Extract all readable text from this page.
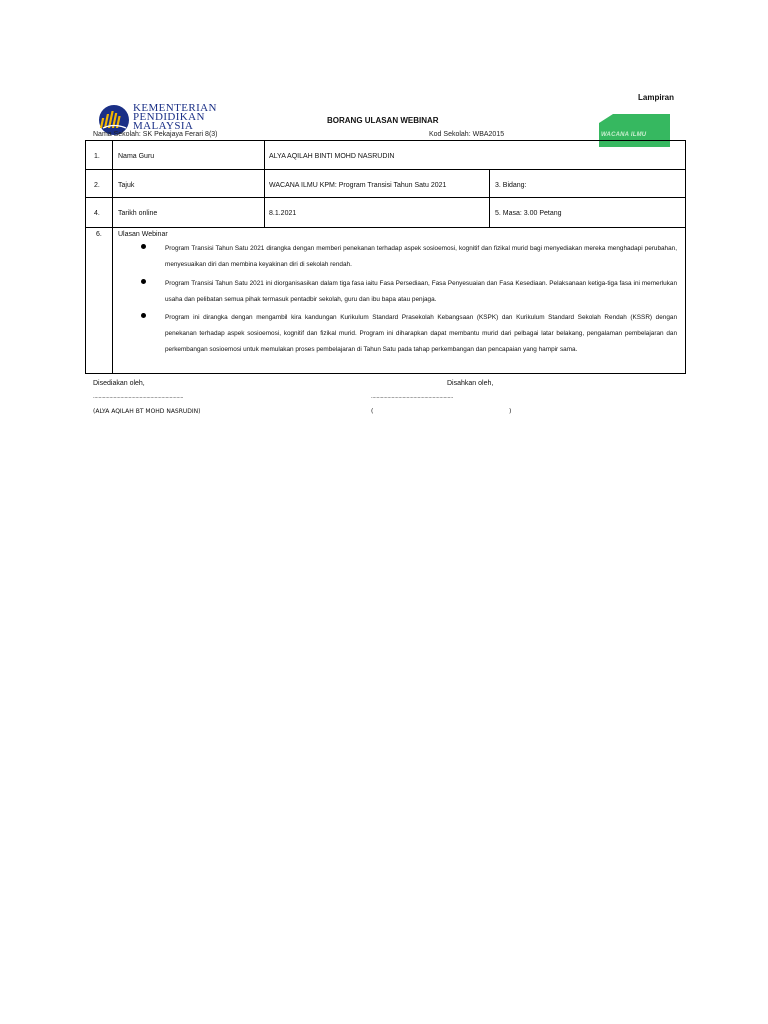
Lampiran
KEMENTERIAN
PENDIDIKAN
MALAYSIA	BORANG ULASAN WEBINAR
WACANA ILMU
Nama Sekolah: SK Pekajaya Ferari 8(3)	Kod Sekolah: WBA2015
1.	Nama Guru	ALYA AQILAH BINTI MOHD NASRUDIN
2.	Tajuk	WACANA ILMU KPM: Program Transisi Tahun Satu 2021	3. Bidang:
4.	Tarikh online	8.1.2021	5. Masa: 3.00 Petang
6. Ulasan Webinar
Program Transisi Tahun Satu 2021 dirangka dengan memberi penekanan terhadap aspek sosioemosi, kognitif dan fizikal murid bagi menyediakan mereka menghadapi perubahan, menyesuaikan diri dan membina keyakinan diri di sekolah rendah.
Program Transisi Tahun Satu 2021 ini diorganisasikan dalam tiga fasa iaitu Fasa Persediaan, Fasa Penyesuaian dan Fasa Kesediaan. Pelaksanaan ketiga-tiga fasa ini memerlukan usaha dan pelibatan semua pihak termasuk pentadbir sekolah, guru dan ibu bapa atau penjaga.
Program ini dirangka dengan mengambil kira kandungan Kurikulum Standard Prasekolah Kebangsaan (KSPK) dan Kurikulum Standard Sekolah Rendah (KSSR) dengan penekanan terhadap aspek sosioemosi, kognitif dan fizikal murid. Program ini diharapkan dapat membantu murid dari pelbagai latar belakang, pengalaman pembelajaran dan perkembangan sosioemosi untuk memulakan proses pembelajaran di Tahun Satu pada tahap perkembangan dan pencapaian yang hampir sama.
Disediakan oleh,	Disahkan oleh,
..................................................................	............................................................
(ALYA AQILAH BT MOHD NASRUDIN)	(	)
